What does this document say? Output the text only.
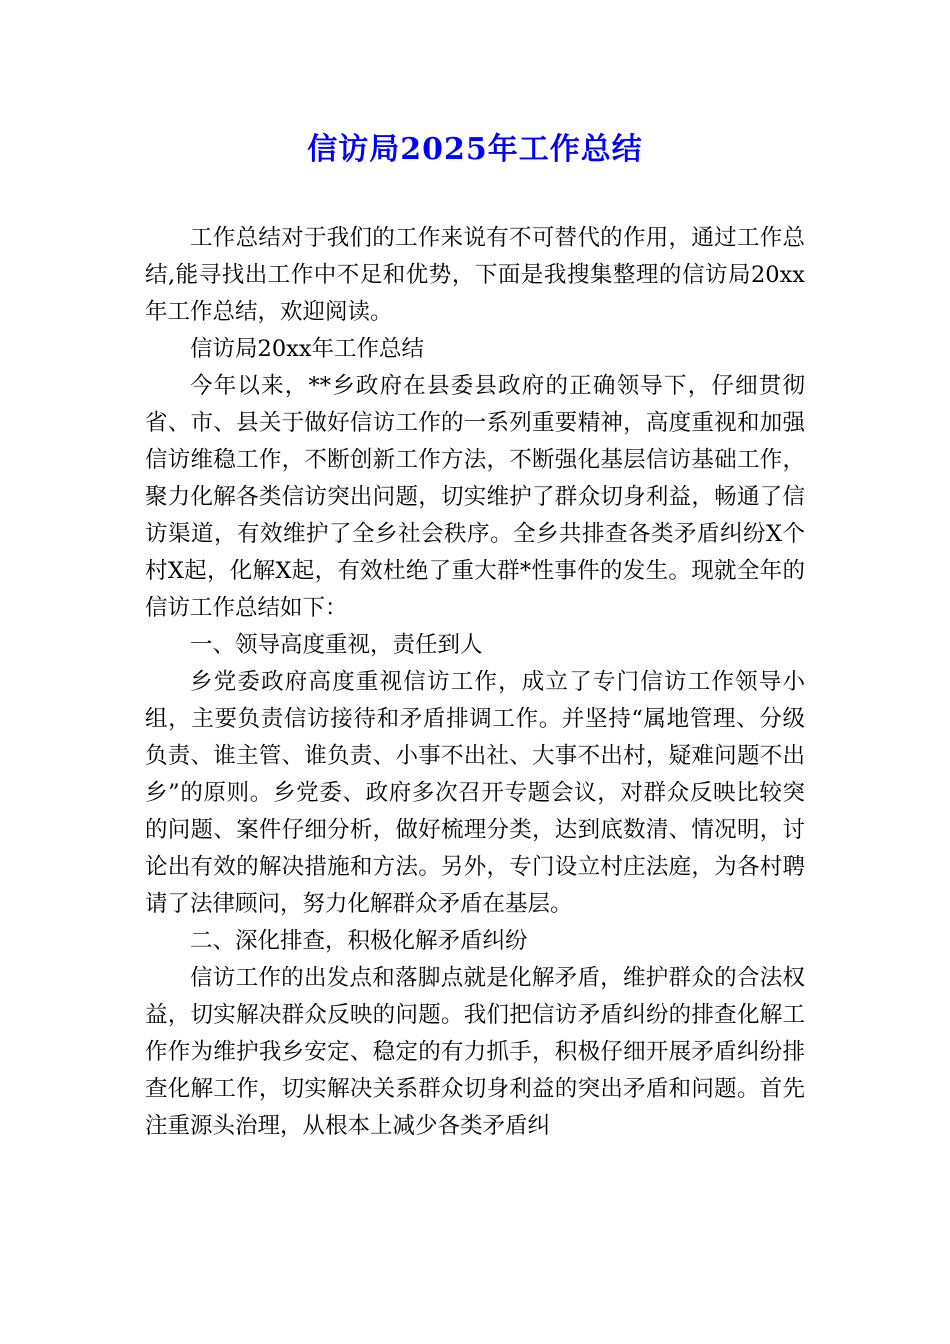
信访局2025年工作总结

工作总结对于我们的工作来说有不可替代的作用，通过工作总结,能寻找出工作中不足和优势，下面是我搜集整理的信访局20xx年工作总结，欢迎阅读。

信访局20xx年工作总结

今年以来，**乡政府在县委县政府的正确领导下，仔细贯彻省、市、县关于做好信访工作的一系列重要精神，高度重视和加强信访维稳工作，不断创新工作方法，不断强化基层信访基础工作，聚力化解各类信访突出问题，切实维护了群众切身利益，畅通了信访渠道，有效维护了全乡社会秩序。全乡共排查各类矛盾纠纷X个村X起，化解X起，有效杜绝了重大群*性事件的发生。现就全年的信访工作总结如下：

一、领导高度重视，责任到人

乡党委政府高度重视信访工作，成立了专门信访工作领导小组，主要负责信访接待和矛盾排调工作。并坚持“属地管理、分级负责、谁主管、谁负责、小事不出社、大事不出村，疑难问题不出乡”的原则。乡党委、政府多次召开专题会议，对群众反映比较突的问题、案件仔细分析，做好梳理分类，达到底数清、情况明，讨论出有效的解决措施和方法。另外，专门设立村庄法庭，为各村聘请了法律顾问，努力化解群众矛盾在基层。

二、深化排查，积极化解矛盾纠纷

信访工作的出发点和落脚点就是化解矛盾，维护群众的合法权益，切实解决群众反映的问题。我们把信访矛盾纠纷的排查化解工作作为维护我乡安定、稳定的有力抓手，积极仔细开展矛盾纠纷排查化解工作，切实解决关系群众切身利益的突出矛盾和问题。首先注重源头治理，从根本上减少各类矛盾纠
